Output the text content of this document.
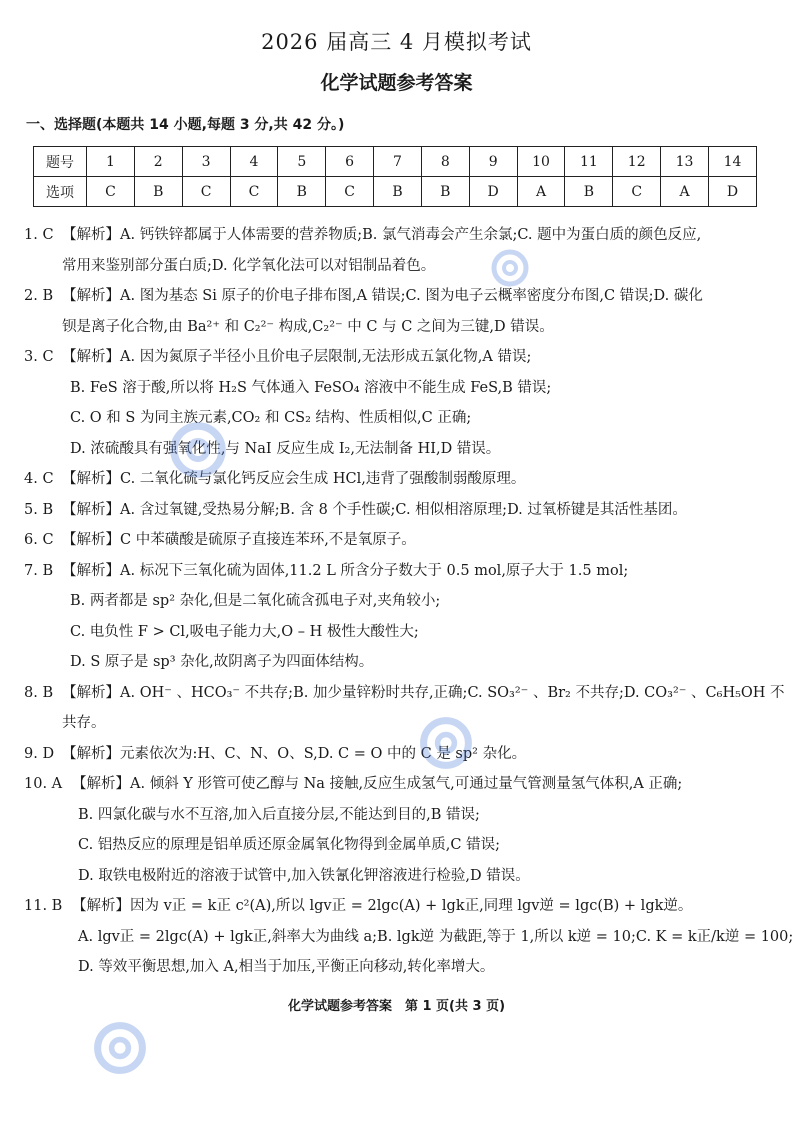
2026 届高三 4 月模拟考试
化学试题参考答案
一、选择题(本题共 14 小题,每题 3 分,共 42 分。)
题号	1	2	3	4	5	6	7	8	9	10	11	12	13	14
选项	C	B	C	C	B	C	B	B	D	A	B	C	A	D
1. C 【解析】A. 钙铁锌都属于人体需要的营养物质;B. 氯气消毒会产生余氯;C. 题中为蛋白质的颜色反应,
常用来鉴别部分蛋白质;D. 化学氧化法可以对铝制品着色。
2. B 【解析】A. 图为基态 Si 原子的价电子排布图,A 错误;C. 图为电子云概率密度分布图,C 错误;D. 碳化
钡是离子化合物,由 Ba²⁺ 和 C₂²⁻ 构成,C₂²⁻ 中 C 与 C 之间为三键,D 错误。
3. C 【解析】A. 因为氮原子半径小且价电子层限制,无法形成五氯化物,A 错误;
B. FeS 溶于酸,所以将 H₂S 气体通入 FeSO₄ 溶液中不能生成 FeS,B 错误;
C. O 和 S 为同主族元素,CO₂ 和 CS₂ 结构、性质相似,C 正确;
D. 浓硫酸具有强氧化性,与 NaI 反应生成 I₂,无法制备 HI,D 错误。
4. C 【解析】C. 二氧化硫与氯化钙反应会生成 HCl,违背了强酸制弱酸原理。
5. B 【解析】A. 含过氧键,受热易分解;B. 含 8 个手性碳;C. 相似相溶原理;D. 过氧桥键是其活性基团。
6. C 【解析】C 中苯磺酸是硫原子直接连苯环,不是氧原子。
7. B 【解析】A. 标况下三氧化硫为固体,11.2 L 所含分子数大于 0.5 mol,原子大于 1.5 mol;
B. 两者都是 sp² 杂化,但是二氧化硫含孤电子对,夹角较小;
C. 电负性 F > Cl,吸电子能力大,O – H 极性大酸性大;
D. S 原子是 sp³ 杂化,故阴离子为四面体结构。
8. B 【解析】A. OH⁻ 、HCO₃⁻ 不共存;B. 加少量锌粉时共存,正确;C. SO₃²⁻ 、Br₂ 不共存;D. CO₃²⁻ 、C₆H₅OH 不
共存。
9. D 【解析】元素依次为:H、C、N、O、S,D. C = O 中的 C 是 sp² 杂化。
10. A 【解析】A. 倾斜 Y 形管可使乙醇与 Na 接触,反应生成氢气,可通过量气管测量氢气体积,A 正确;
B. 四氯化碳与水不互溶,加入后直接分层,不能达到目的,B 错误;
C. 铝热反应的原理是铝单质还原金属氧化物得到金属单质,C 错误;
D. 取铁电极附近的溶液于试管中,加入铁氰化钾溶液进行检验,D 错误。
11. B 【解析】因为 v正 = k正 c²(A),所以 lgv正 = 2lgc(A) + lgk正,同理 lgv逆 = lgc(B) + lgk逆。
A. lgv正 = 2lgc(A) + lgk正,斜率大为曲线 a;B. lgk逆 为截距,等于 1,所以 k逆 = 10;C. K = k正/k逆 = 100;
D. 等效平衡思想,加入 A,相当于加压,平衡正向移动,转化率增大。
化学试题参考答案　第 1 页(共 3 页)
